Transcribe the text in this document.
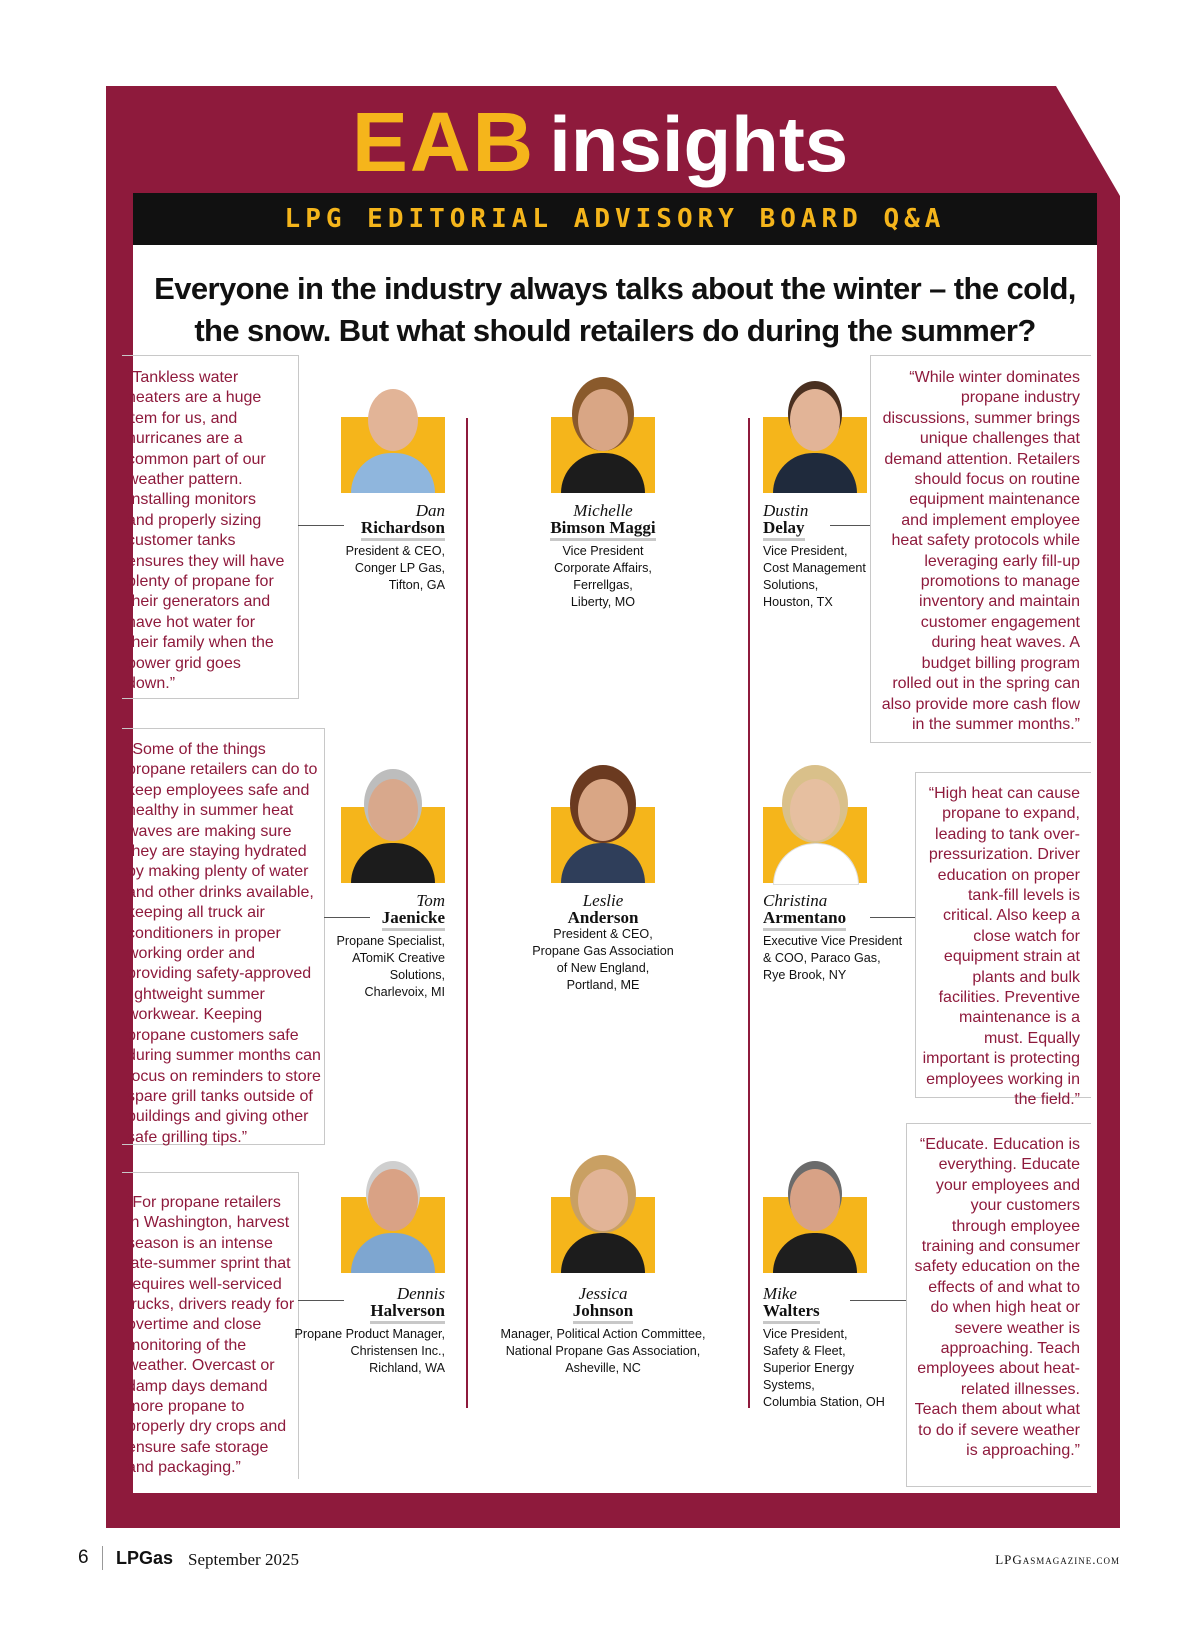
EAB insights
LPG EDITORIAL ADVISORY BOARD Q&A
Everyone in the industry always talks about the winter – the cold, the snow. But what should retailers do during the summer?
“Tankless water heaters are a huge item for us, and hurricanes are a common part of our weather pattern. Installing monitors and properly sizing customer tanks ensures they will have plenty of propane for their generators and have hot water for their family when the power grid goes down.”
“Some of the things propane retailers can do to keep employees safe and healthy in summer heat waves are making sure they are staying hydrated by making plenty of water and other drinks available, keeping all truck air conditioners in proper working order and providing safety-approved lightweight summer workwear. Keeping propane customers safe during summer months can focus on reminders to store spare grill tanks outside of buildings and giving other safe grilling tips.”
“For propane retailers in Washington, harvest season is an intense late-summer sprint that requires well-serviced trucks, drivers ready for overtime and close monitoring of the weather. Overcast or damp days demand more propane to properly dry crops and ensure safe storage and packaging.”
“While winter dominates propane industry discussions, summer brings unique challenges that demand attention. Retailers should focus on routine equipment maintenance and implement employee heat safety protocols while leveraging early fill-up promotions to manage inventory and maintain customer engagement during heat waves. A budget billing program rolled out in the spring can also provide more cash flow in the summer months.”
“High heat can cause propane to expand, leading to tank over-pressurization. Driver education on proper tank-fill levels is critical. Also keep a close watch for equipment strain at plants and bulk facilities. Preventive maintenance is a must. Equally important is protecting employees working in the field.”
“Educate. Education is everything. Educate your employees and your customers through employee training and consumer safety education on the effects of and what to do when high heat or severe weather is approaching. Teach employees about heat-related illnesses. Teach them about what to do if severe weather is approaching.”
Dan
Richardson
President & CEO,
Conger LP Gas,
Tifton, GA
Michelle
Bimson Maggi
Vice President
Corporate Affairs,
Ferrellgas,
Liberty, MO
Dustin
Delay
Vice President,
Cost Management
Solutions,
Houston, TX
Tom
Jaenicke
Propane Specialist,
ATomiK Creative
Solutions,
Charlevoix, MI
Leslie
Anderson
President & CEO,
Propane Gas Association
of New England,
Portland, ME
Christina
Armentano
Executive Vice President
& COO, Paraco Gas,
Rye Brook, NY
Dennis
Halverson
Propane Product Manager,
Christensen Inc.,
Richland, WA
Jessica
Johnson
Manager, Political Action Committee,
National Propane Gas Association,
Asheville, NC
Mike
Walters
Vice President,
Safety & Fleet,
Superior Energy Systems,
Columbia Station, OH
6 LPGas September 2025	LPGasmagazine.com
